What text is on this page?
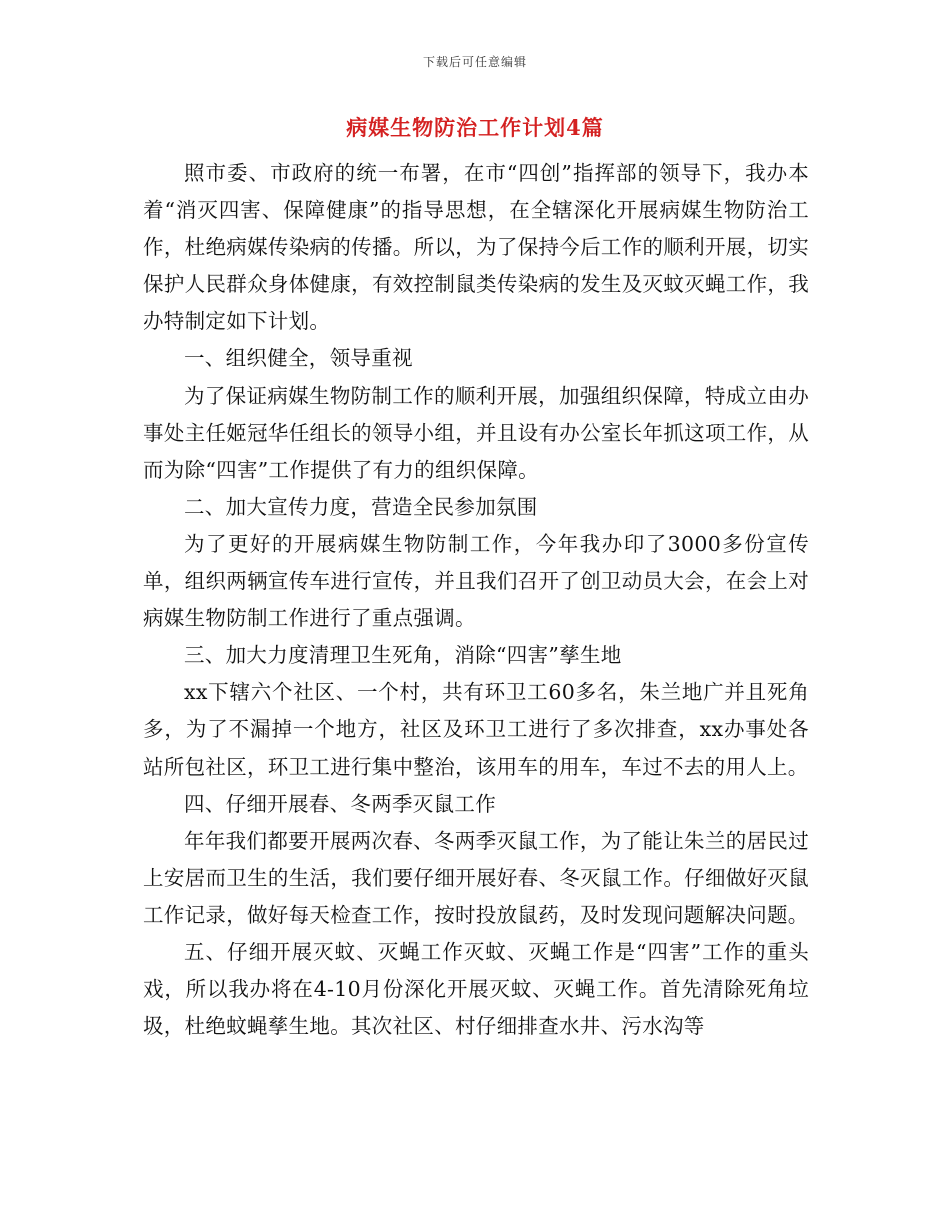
下载后可任意编辑
病媒生物防治工作计划4篇

照市委、市政府的统一布署，在市“四创”指挥部的领导下，我办本着“消灭四害、保障健康”的指导思想，在全辖深化开展病媒生物防治工作，杜绝病媒传染病的传播。所以，为了保持今后工作的顺利开展，切实保护人民群众身体健康，有效控制鼠类传染病的发生及灭蚊灭蝇工作，我办特制定如下计划。

一、组织健全，领导重视

为了保证病媒生物防制工作的顺利开展，加强组织保障，特成立由办事处主任姬冠华任组长的领导小组，并且设有办公室长年抓这项工作，从而为除“四害”工作提供了有力的组织保障。

二、加大宣传力度，营造全民参加氛围

为了更好的开展病媒生物防制工作，今年我办印了3000多份宣传单，组织两辆宣传车进行宣传，并且我们召开了创卫动员大会，在会上对病媒生物防制工作进行了重点强调。

三、加大力度清理卫生死角，消除“四害”孳生地

xx下辖六个社区、一个村，共有环卫工60多名，朱兰地广并且死角多，为了不漏掉一个地方，社区及环卫工进行了多次排查，xx办事处各站所包社区，环卫工进行集中整治，该用车的用车，车过不去的用人上。

四、仔细开展春、冬两季灭鼠工作

年年我们都要开展两次春、冬两季灭鼠工作，为了能让朱兰的居民过上安居而卫生的生活，我们要仔细开展好春、冬灭鼠工作。仔细做好灭鼠工作记录，做好每天检查工作，按时投放鼠药，及时发现问题解决问题。

五、仔细开展灭蚊、灭蝇工作灭蚊、灭蝇工作是“四害”工作的重头戏，所以我办将在4-10月份深化开展灭蚊、灭蝇工作。首先清除死角垃圾，杜绝蚊蝇孳生地。其次社区、村仔细排查水井、污水沟等
